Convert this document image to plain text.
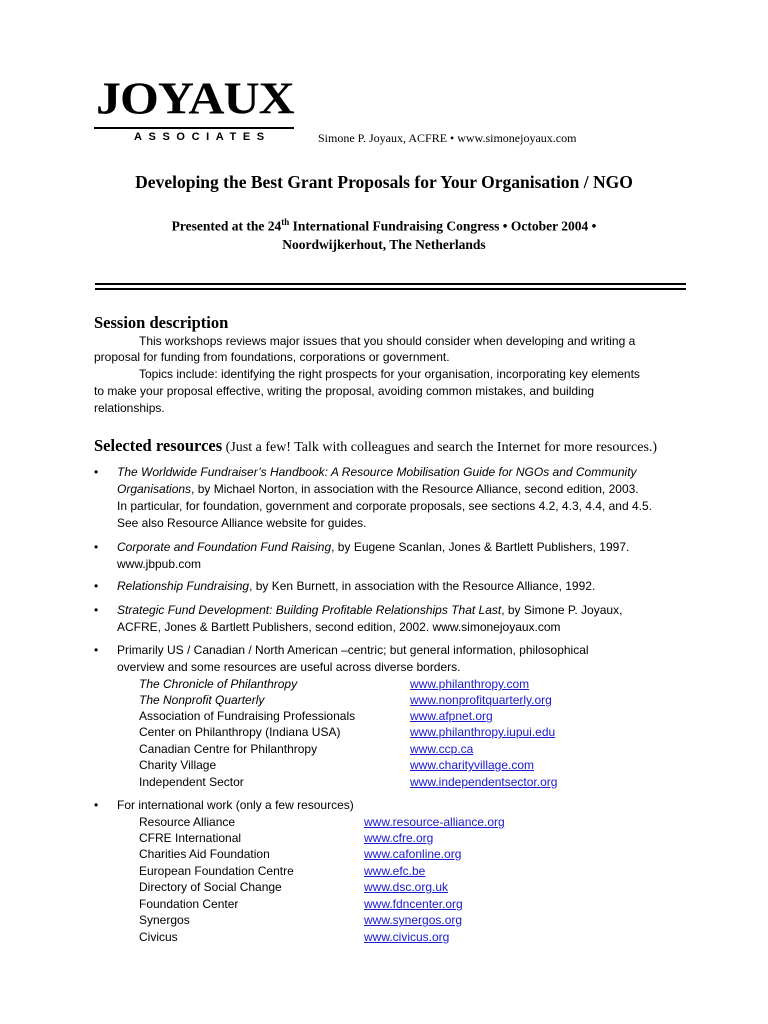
JOYAUX
ASSOCIATES	Simone P. Joyaux, ACFRE • www.simonejoyaux.com
Developing the Best Grant Proposals for Your Organisation / NGO
Presented at the 24th International Fundraising Congress • October 2004 •
Noordwijkerhout, The Netherlands
Session description
This workshops reviews major issues that you should consider when developing and writing a
proposal for funding from foundations, corporations or government.
Topics include: identifying the right prospects for your organisation, incorporating key elements
to make your proposal effective, writing the proposal, avoiding common mistakes, and building
relationships.
Selected resources (Just a few! Talk with colleagues and search the Internet for more resources.)
• The Worldwide Fundraiser’s Handbook: A Resource Mobilisation Guide for NGOs and Community
Organisations, by Michael Norton, in association with the Resource Alliance, second edition, 2003.
In particular, for foundation, government and corporate proposals, see sections 4.2, 4.3, 4.4, and 4.5.
See also Resource Alliance website for guides.
• Corporate and Foundation Fund Raising, by Eugene Scanlan, Jones & Bartlett Publishers, 1997.
www.jbpub.com
• Relationship Fundraising, by Ken Burnett, in association with the Resource Alliance, 1992.
• Strategic Fund Development: Building Profitable Relationships That Last, by Simone P. Joyaux,
ACFRE, Jones & Bartlett Publishers, second edition, 2002. www.simonejoyaux.com
• Primarily US / Canadian / North American –centric; but general information, philosophical
overview and some resources are useful across diverse borders.
The Chronicle of Philanthropy	www.philanthropy.com
The Nonprofit Quarterly	www.nonprofitquarterly.org
Association of Fundraising Professionals	www.afpnet.org
Center on Philanthropy (Indiana USA)	www.philanthropy.iupui.edu
Canadian Centre for Philanthropy	www.ccp.ca
Charity Village	www.charityvillage.com
Independent Sector	www.independentsector.org
• For international work (only a few resources)
Resource Alliance	www.resource-alliance.org
CFRE International	www.cfre.org
Charities Aid Foundation	www.cafonline.org
European Foundation Centre	www.efc.be
Directory of Social Change	www.dsc.org.uk
Foundation Center	www.fdncenter.org
Synergos	www.synergos.org
Civicus	www.civicus.org
